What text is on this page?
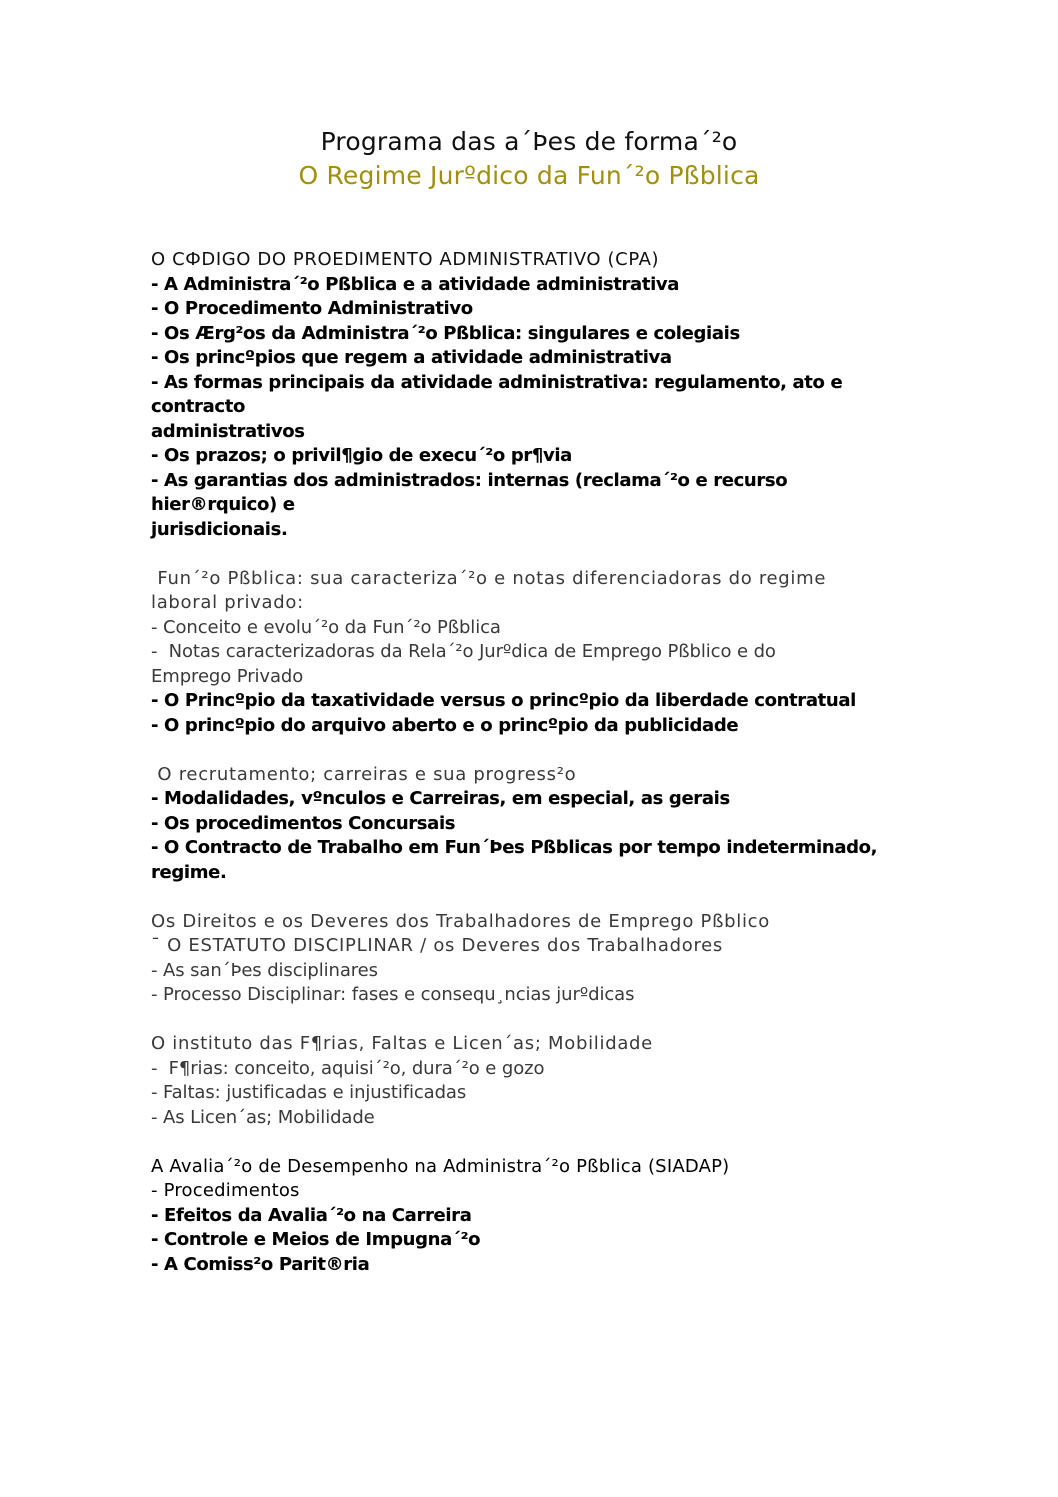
Programa das a´Þes de forma´²o
O Regime Jurºdico da Fun´²o Pßblica
O CФDIGO DO PROEDIMENTO ADMINISTRATIVO (CPA)
- A Administra´²o Pßblica e a atividade administrativa
- O Procedimento Administrativo
- Os Ærg²os da Administra´²o Pßblica: singulares e colegiais
- Os princºpios que regem a atividade administrativa
- As formas principais da atividade administrativa: regulamento, ato e contracto
administrativos
- Os prazos; o privil¶gio de execu´²o pr¶via
- As garantias dos administrados: internas (reclama´²o e recurso hier®rquico) e
jurisdicionais.
Fun´²o Pßblica: sua caracteriza´²o e notas diferenciadoras do regime
laboral privado:
- Conceito e evolu´²o da Fun´²o Pßblica
-  Notas caracterizadoras da Rela´²o Jurºdica de Emprego Pßblico e do
Emprego Privado
- O Princºpio da taxatividade versus o princºpio da liberdade contratual
- O princºpio do arquivo aberto e o princºpio da publicidade
O recrutamento; carreiras e sua progress²o
- Modalidades, vºnculos e Carreiras, em especial, as gerais
- Os procedimentos Concursais
- O Contracto de Trabalho em Fun´Þes Pßblicas por tempo indeterminado,
regime.
Os Direitos e os Deveres dos Trabalhadores de Emprego Pßblico
¯ O ESTATUTO DISCIPLINAR / os Deveres dos Trabalhadores
- As san´Þes disciplinares
- Processo Disciplinar: fases e consequ¸ncias jurºdicas
O instituto das F¶rias, Faltas e Licen´as; Mobilidade
-  F¶rias: conceito, aquisi´²o, dura´²o e gozo
- Faltas: justificadas e injustificadas
- As Licen´as; Mobilidade
A Avalia´²o de Desempenho na Administra´²o Pßblica (SIADAP)
- Procedimentos
- Efeitos da Avalia´²o na Carreira
- Controle e Meios de Impugna´²o
- A Comiss²o Parit®ria
